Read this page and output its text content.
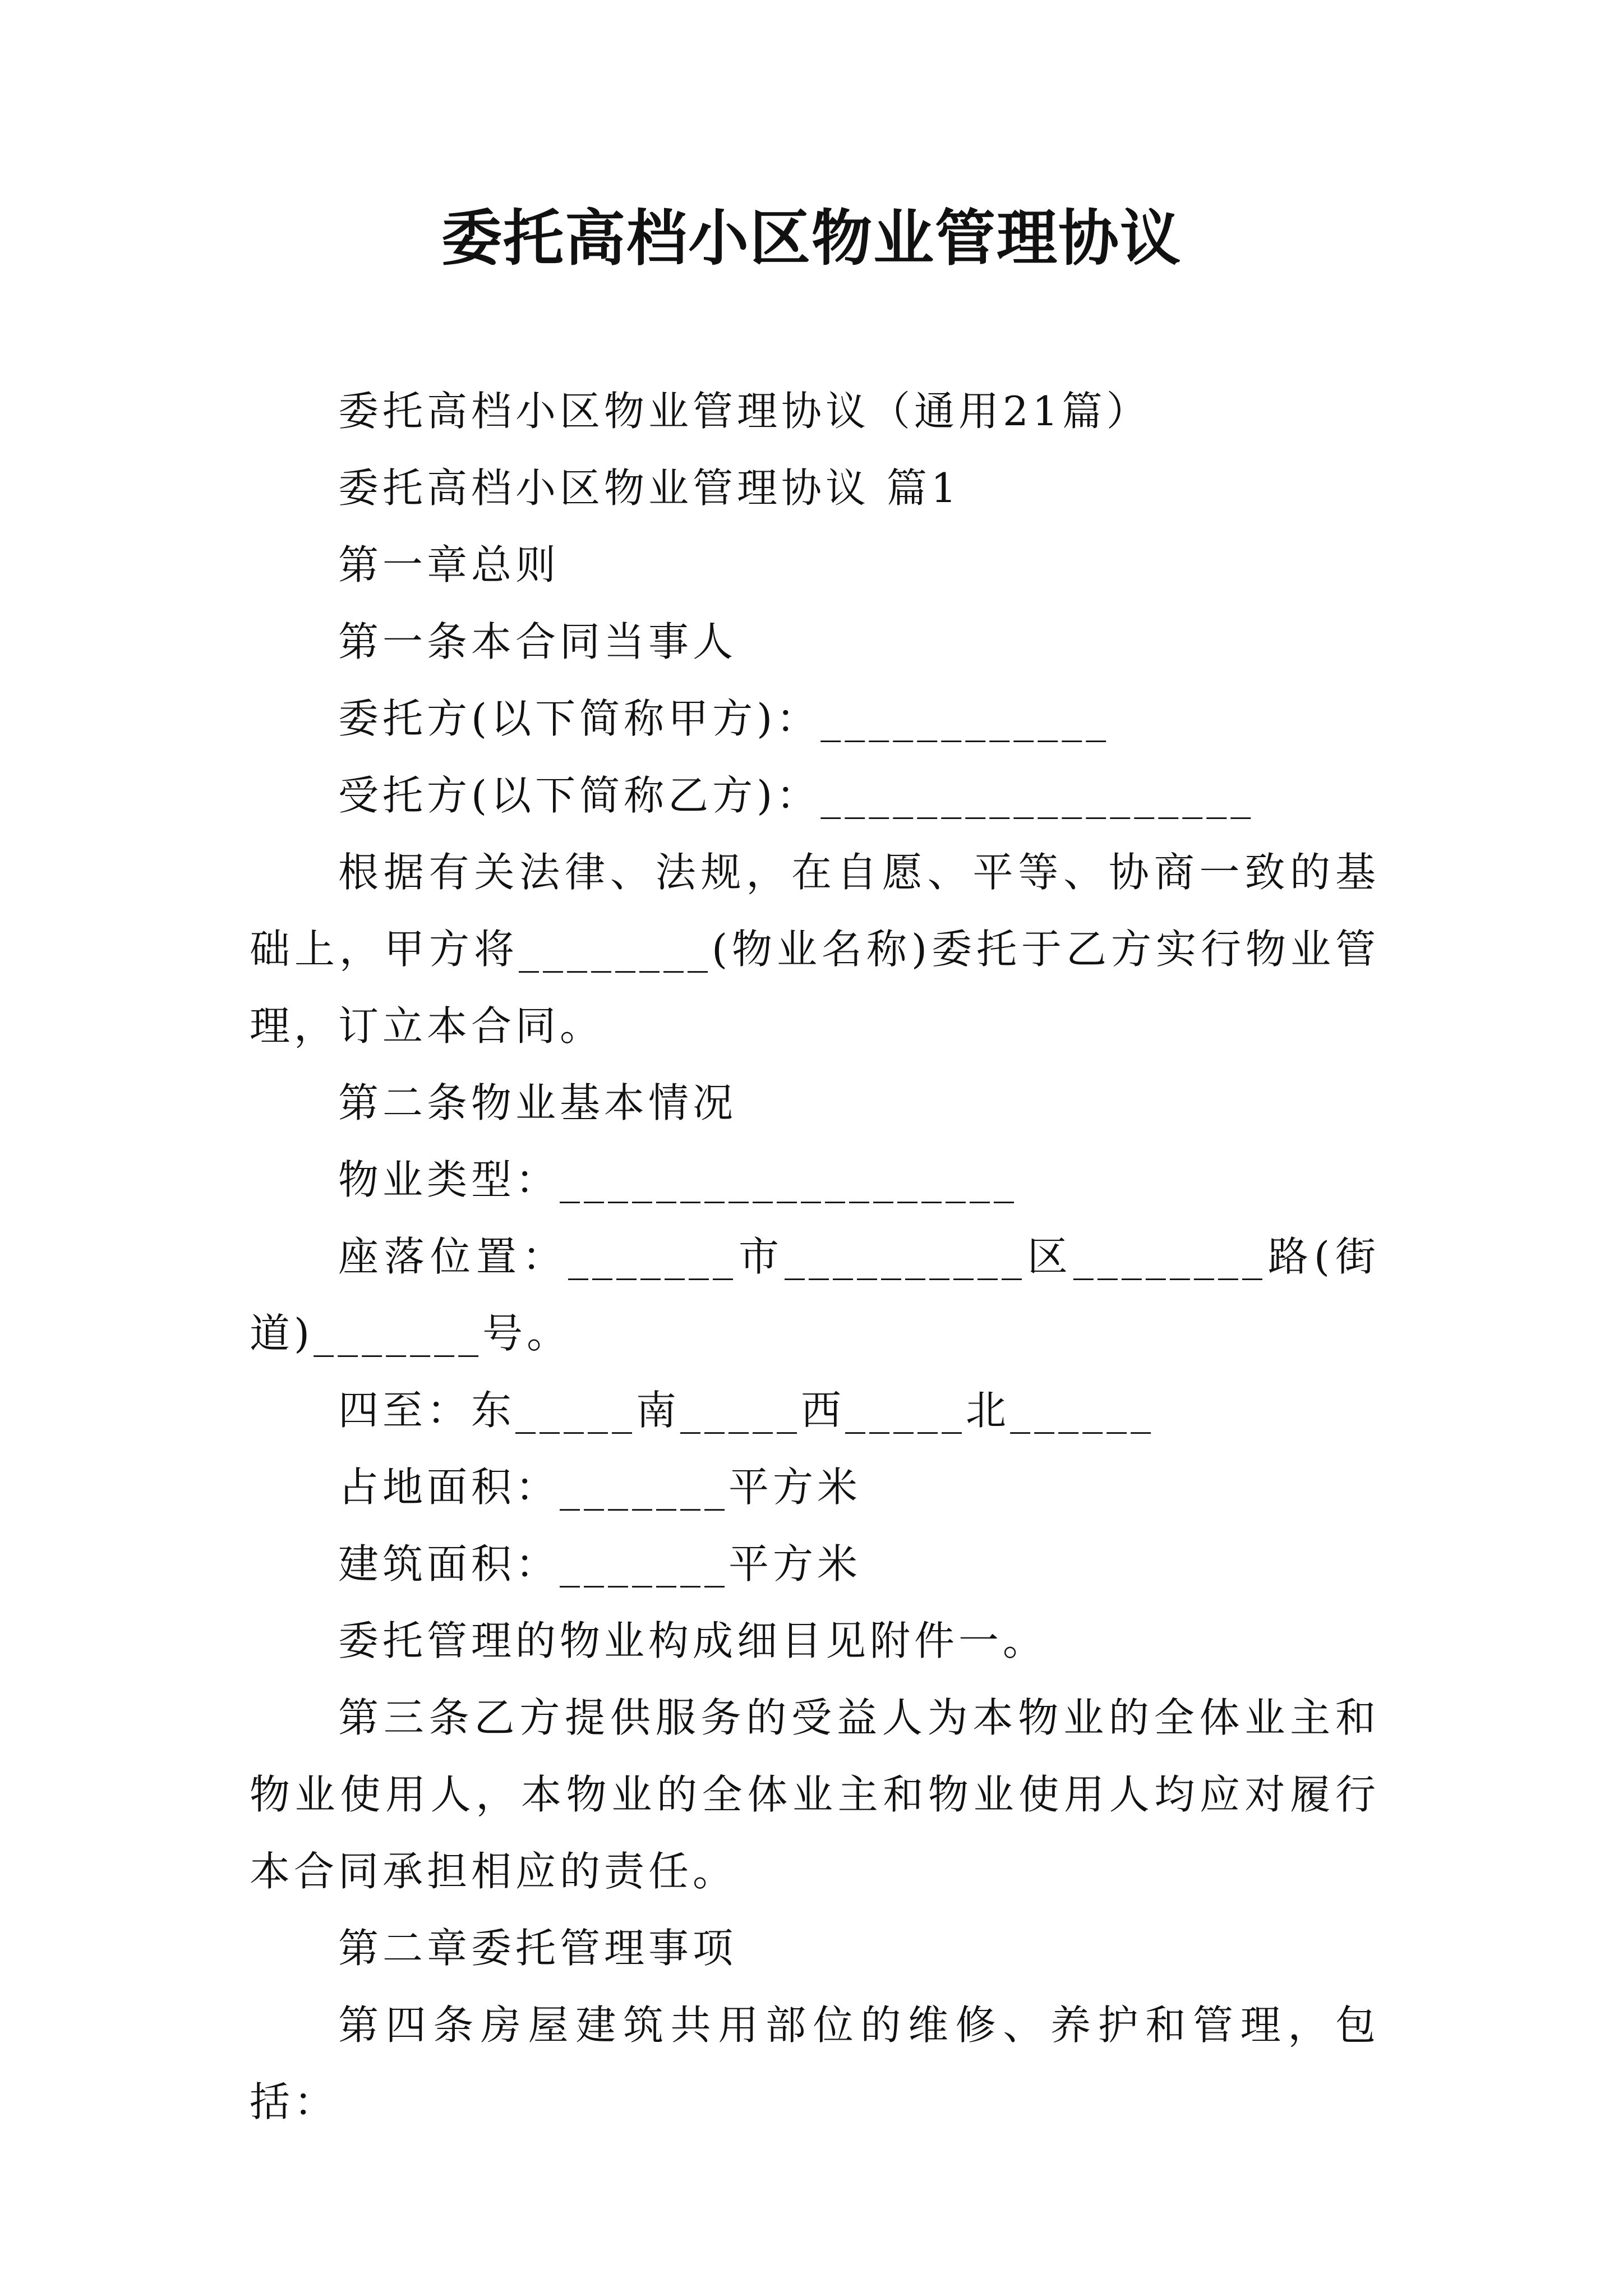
委托高档小区物业管理协议

委托高档小区物业管理协议（通用21篇）

委托高档小区物业管理协议 篇1

第一章总则

第一条本合同当事人

委托方(以下简称甲方)：____________

受托方(以下简称乙方)：__________________

根据有关法律、法规，在自愿、平等、协商一致的基础上，甲方将________(物业名称)委托于乙方实行物业管理，订立本合同。

第二条物业基本情况

物业类型：___________________

座落位置：_______市__________区________路(街道)_______号。

四至：东_____南_____西_____北______

占地面积：_______平方米

建筑面积：_______平方米

委托管理的物业构成细目见附件一。

第三条乙方提供服务的受益人为本物业的全体业主和物业使用人，本物业的全体业主和物业使用人均应对履行本合同承担相应的责任。

第二章委托管理事项

第四条房屋建筑共用部位的维修、养护和管理，包括：
